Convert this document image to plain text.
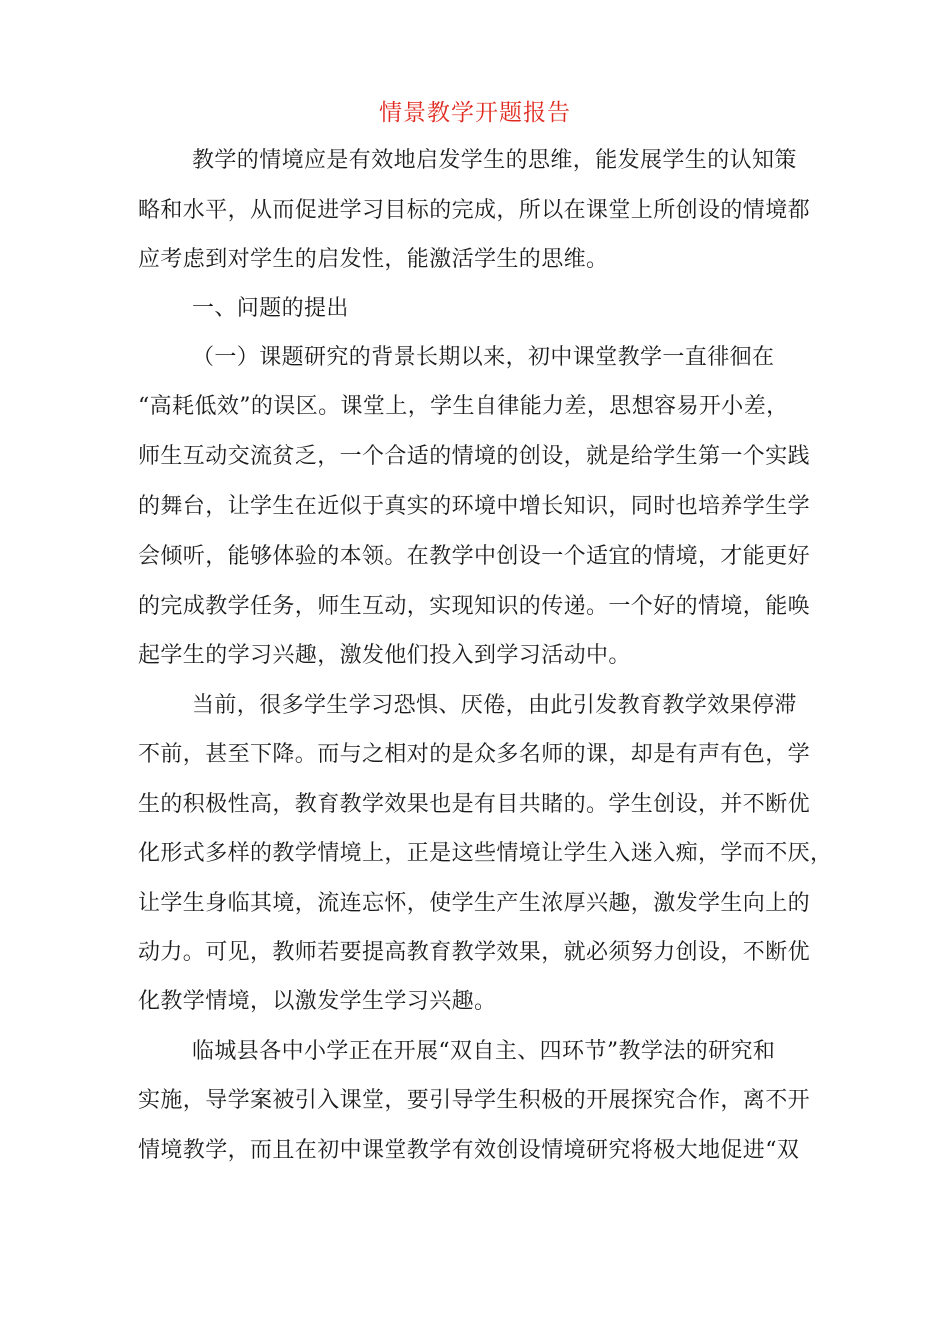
情景教学开题报告
教学的情境应是有效地启发学生的思维，能发展学生的认知策
略和水平，从而促进学习目标的完成，所以在课堂上所创设的情境都
应考虑到对学生的启发性，能激活学生的思维。
一、问题的提出
（一）课题研究的背景长期以来，初中课堂教学一直徘徊在
“高耗低效”的误区。课堂上，学生自律能力差，思想容易开小差，
师生互动交流贫乏，一个合适的情境的创设，就是给学生第一个实践
的舞台，让学生在近似于真实的环境中增长知识，同时也培养学生学
会倾听，能够体验的本领。在教学中创设一个适宜的情境，才能更好
的完成教学任务，师生互动，实现知识的传递。一个好的情境，能唤
起学生的学习兴趣，激发他们投入到学习活动中。
当前，很多学生学习恐惧、厌倦，由此引发教育教学效果停滞
不前，甚至下降。而与之相对的是众多名师的课，却是有声有色，学
生的积极性高，教育教学效果也是有目共睹的。学生创设，并不断优
化形式多样的教学情境上，正是这些情境让学生入迷入痴，学而不厌，
让学生身临其境，流连忘怀，使学生产生浓厚兴趣，激发学生向上的
动力。可见，教师若要提高教育教学效果，就必须努力创设，不断优
化教学情境，以激发学生学习兴趣。
临城县各中小学正在开展“双自主、四环节”教学法的研究和
实施，导学案被引入课堂，要引导学生积极的开展探究合作，离不开
情境教学，而且在初中课堂教学有效创设情境研究将极大地促进“双
